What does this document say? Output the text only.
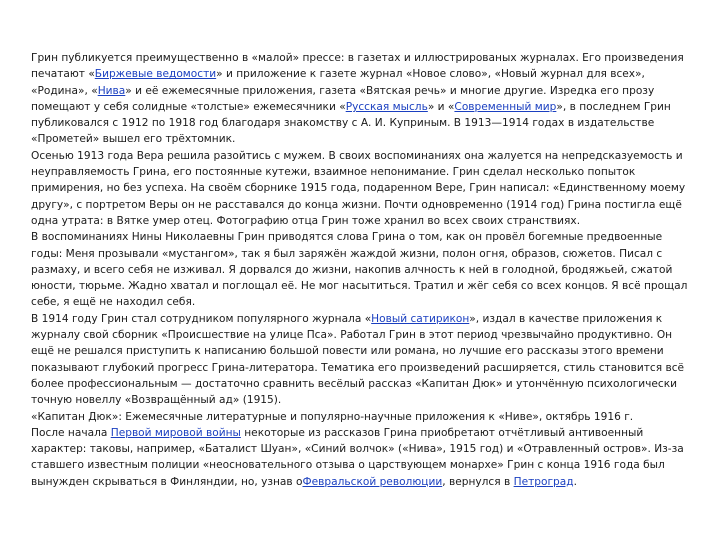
Грин публикуется преимущественно в «малой» прессе: в газетах и иллюстрированых журналах. Его произведения печатают «Биржевые ведомости» и приложение к газете журнал «Новое слово», «Новый журнал для всех», «Родина», «Нива» и её ежемесячные приложения, газета «Вятская речь» и многие другие. Изредка его прозу помещают у себя солидные «толстые» ежемесячники «Русская мысль» и «Современный мир», в последнем Грин публиковался с 1912 по 1918 год благодаря знакомству с А. И. Куприным. В 1913—1914 годах в издательстве «Прометей» вышел его трёхтомник.

Осенью 1913 года Вера решила разойтись с мужем. В своих воспоминаниях она жалуется на непредсказуемость и неуправляемость Грина, его постоянные кутежи, взаимное непонимание. Грин сделал несколько попыток примирения, но без успеха. На своём сборнике 1915 года, подаренном Вере, Грин написал: «Единственному моему другу», с портретом Веры он не расставался до конца жизни. Почти одновременно (1914 год) Грина постигла ещё одна утрата: в Вятке умер отец. Фотографию отца Грин тоже хранил во всех своих странствиях.

В воспоминаниях Нины Николаевны Грин приводятся слова Грина о том, как он провёл богемные предвоенные годы: Меня прозывали «мустангом», так я был заряжён жаждой жизни, полон огня, образов, сюжетов. Писал с размаху, и всего себя не изживал. Я дорвался до жизни, накопив алчность к ней в голодной, бродяжьей, сжатой юности, тюрьме. Жадно хватал и поглощал её. Не мог насытиться. Тратил и жёг себя со всех концов. Я всё прощал себе, я ещё не находил себя.

В 1914 году Грин стал сотрудником популярного журнала «Новый сатирикон», издал в качестве приложения к журналу свой сборник «Происшествие на улице Пса». Работал Грин в этот период чрезвычайно продуктивно. Он ещё не решался приступить к написанию большой повести или романа, но лучшие его рассказы этого времени показывают глубокий прогресс Грина-литератора. Тематика его произведений расширяется, стиль становится всё более профессиональным — достаточно сравнить весёлый рассказ «Капитан Дюк» и утончённую психологически точную новеллу «Возвращённый ад» (1915).

«Капитан Дюк»: Ежемесячные литературные и популярно-научные приложения к «Ниве», октябрь 1916 г.

После начала Первой мировой войны некоторые из рассказов Грина приобретают отчётливый антивоенный характер: таковы, например, «Баталист Шуан», «Синий волчок» («Нива», 1915 год) и «Отравленный остров». Из-за ставшего известным полиции «неосновательного отзыва о царствующем монархе» Грин с конца 1916 года был вынужден скрываться в Финляндии, но, узнав оФевральской революции, вернулся в Петроград.
